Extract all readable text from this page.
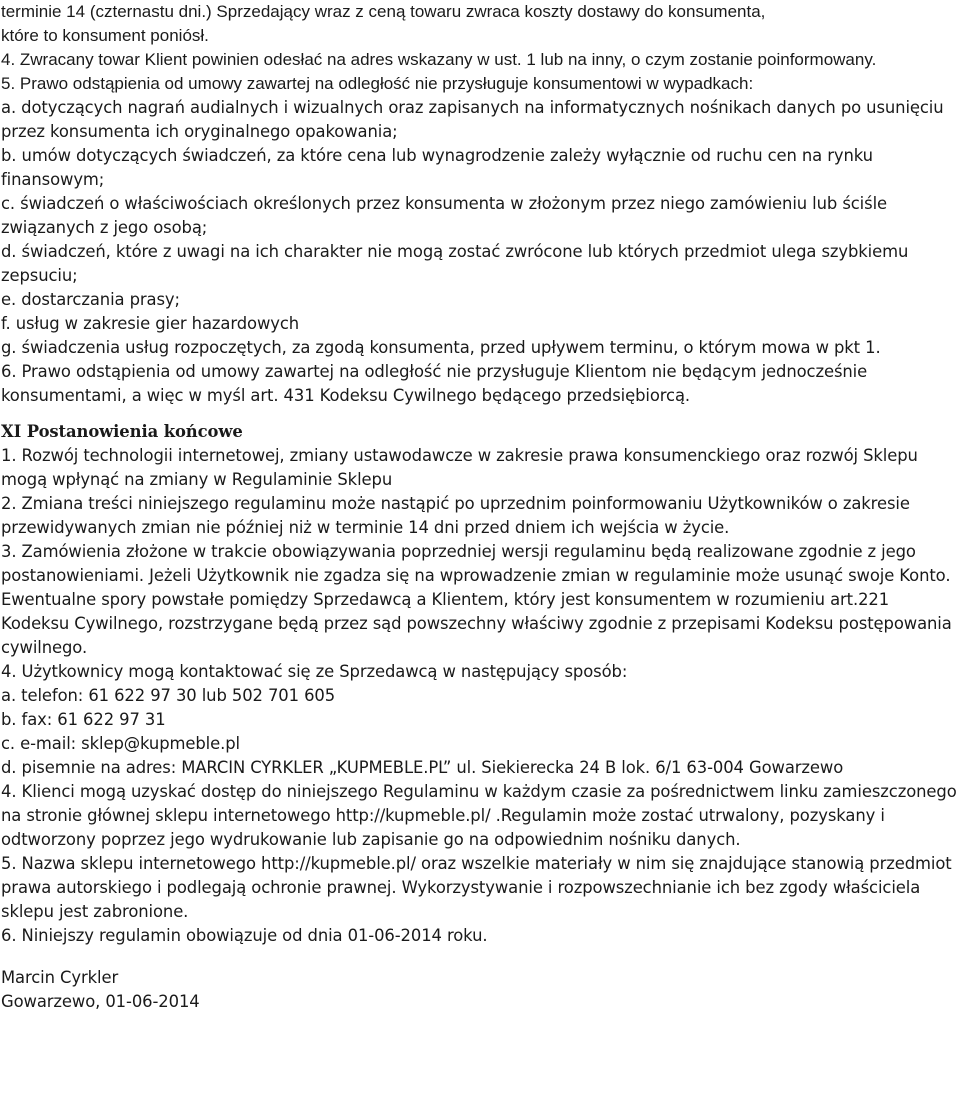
terminie 14 (czternastu dni.) Sprzedający wraz z ceną towaru zwraca koszty dostawy do konsumenta,
które to konsument poniósł.
4. Zwracany towar Klient powinien odesłać na adres wskazany w ust. 1 lub na inny, o czym zostanie poinformowany.
5. Prawo odstąpienia od umowy zawartej na odległość nie przysługuje konsumentowi w wypadkach:
a. dotyczących nagrań audialnych i wizualnych oraz zapisanych na informatycznych nośnikach danych po usunięciu przez konsumenta ich oryginalnego opakowania;
b. umów dotyczących świadczeń, za które cena lub wynagrodzenie zależy wyłącznie od ruchu cen na rynku finansowym;
c. świadczeń o właściwościach określonych przez konsumenta w złożonym przez niego zamówieniu lub ściśle związanych z jego osobą;
d. świadczeń, które z uwagi na ich charakter nie mogą zostać zwrócone lub których przedmiot ulega szybkiemu zepsuciu;
e. dostarczania prasy;
f. usług w zakresie gier hazardowych
g. świadczenia usług rozpoczętych, za zgodą konsumenta, przed upływem terminu, o którym mowa w pkt 1.
6. Prawo odstąpienia od umowy zawartej na odległość nie przysługuje Klientom nie będącym jednocześnie konsumentami, a więc w myśl art. 431 Kodeksu Cywilnego będącego przedsiębiorcą.
XI Postanowienia końcowe
1. Rozwój technologii internetowej, zmiany ustawodawcze w zakresie prawa konsumenckiego oraz rozwój Sklepu mogą wpłynąć na zmiany w Regulaminie Sklepu
2. Zmiana treści niniejszego regulaminu może nastąpić po uprzednim poinformowaniu Użytkowników o zakresie przewidywanych zmian nie później niż w terminie 14 dni przed dniem ich wejścia w życie.
3. Zamówienia złożone w trakcie obowiązywania poprzedniej wersji regulaminu będą realizowane zgodnie z jego postanowieniami. Jeżeli Użytkownik nie zgadza się na wprowadzenie zmian w regulaminie może usunąć swoje Konto. Ewentualne spory powstałe pomiędzy Sprzedawcą a Klientem, który jest konsumentem w rozumieniu art.221 Kodeksu Cywilnego, rozstrzygane będą przez sąd powszechny właściwy zgodnie z przepisami Kodeksu postępowania cywilnego.
4. Użytkownicy mogą kontaktować się ze Sprzedawcą w następujący sposób:
a. telefon: 61 622 97 30 lub 502 701 605
b. fax: 61 622 97 31
c. e-mail: sklep@kupmeble.pl
d. pisemnie na adres: MARCIN CYRKLER „KUPMEBLE.PL” ul. Siekierecka 24 B lok. 6/1 63-004 Gowarzewo
4. Klienci mogą uzyskać dostęp do niniejszego Regulaminu w każdym czasie za pośrednictwem linku zamieszczonego na stronie głównej sklepu internetowego http://kupmeble.pl/ .Regulamin może zostać utrwalony, pozyskany i odtworzony poprzez jego wydrukowanie lub zapisanie go na odpowiednim nośniku danych.
5. Nazwa sklepu internetowego http://kupmeble.pl/ oraz wszelkie materiały w nim się znajdujące stanowią przedmiot prawa autorskiego i podlegają ochronie prawnej. Wykorzystywanie i rozpowszechnianie ich bez zgody właściciela sklepu jest zabronione.
6. Niniejszy regulamin obowiązuje od dnia 01-06-2014 roku.
Marcin Cyrkler
Gowarzewo, 01-06-2014
